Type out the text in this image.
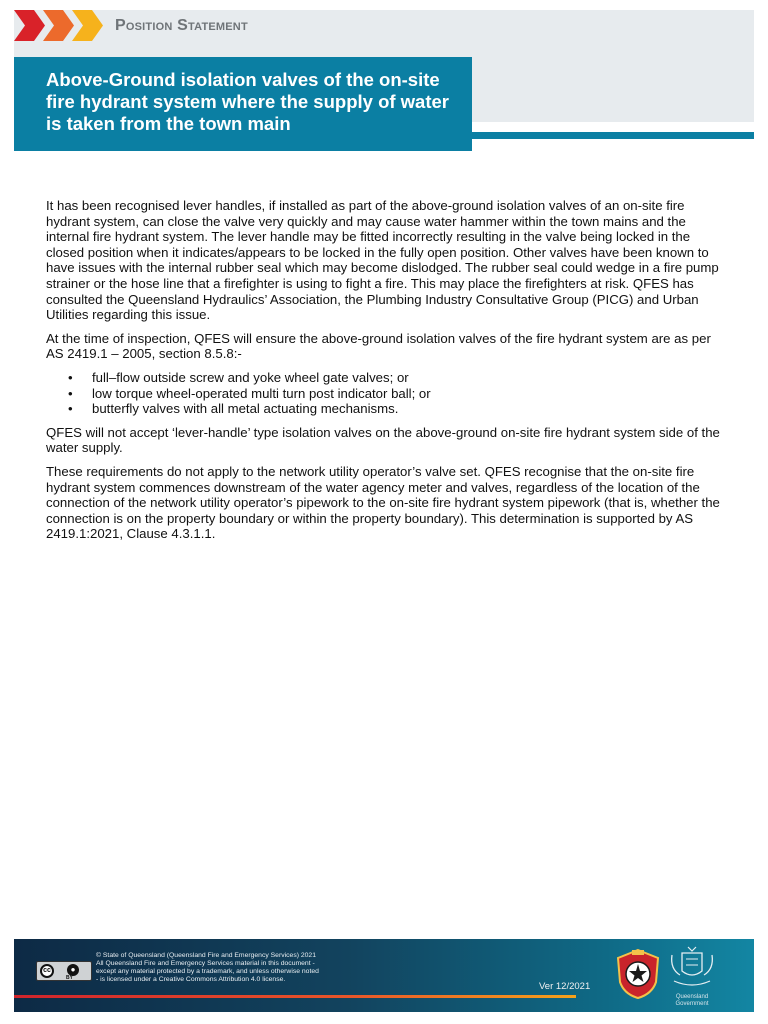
Position Statement
Above-Ground isolation valves of the on-site fire hydrant system where the supply of water is taken from the town main

It has been recognised lever handles, if installed as part of the above-ground isolation valves of an on-site fire hydrant system, can close the valve very quickly and may cause water hammer within the town mains and the internal fire hydrant system. The lever handle may be fitted incorrectly resulting in the valve being locked in the closed position when it indicates/appears to be locked in the fully open position. Other valves have been known to have issues with the internal rubber seal which may become dislodged. The rubber seal could wedge in a fire pump strainer or the hose line that a firefighter is using to fight a fire. This may place the firefighters at risk. QFES has consulted the Queensland Hydraulics’ Association, the Plumbing Industry Consultative Group (PICG) and Urban Utilities regarding this issue.

At the time of inspection, QFES will ensure the above-ground isolation valves of the fire hydrant system are as per AS 2419.1 – 2005, section 8.5.8:-

• full–flow outside screw and yoke wheel gate valves; or
• low torque wheel-operated multi turn post indicator ball; or
• butterfly valves with all metal actuating mechanisms.

QFES will not accept ‘lever-handle’ type isolation valves on the above-ground on-site fire hydrant system side of the water supply.

These requirements do not apply to the network utility operator’s valve set. QFES recognise that the on-site fire hydrant system commences downstream of the water agency meter and valves, regardless of the location of the connection of the network utility operator’s pipework to the on-site fire hydrant system pipework (that is, whether the connection is on the property boundary or within the property boundary). This determination is supported by AS 2419.1:2021, Clause 4.3.1.1.

cc	●
BY
© State of Queensland (Queensland Fire and Emergency Services) 2021
All Queensland Fire and Emergency Services material in this document -
except any material protected by a trademark, and unless otherwise noted
- is licensed under a Creative Commons Attribution 4.0 license.
Ver 12/2021
Queensland Government
